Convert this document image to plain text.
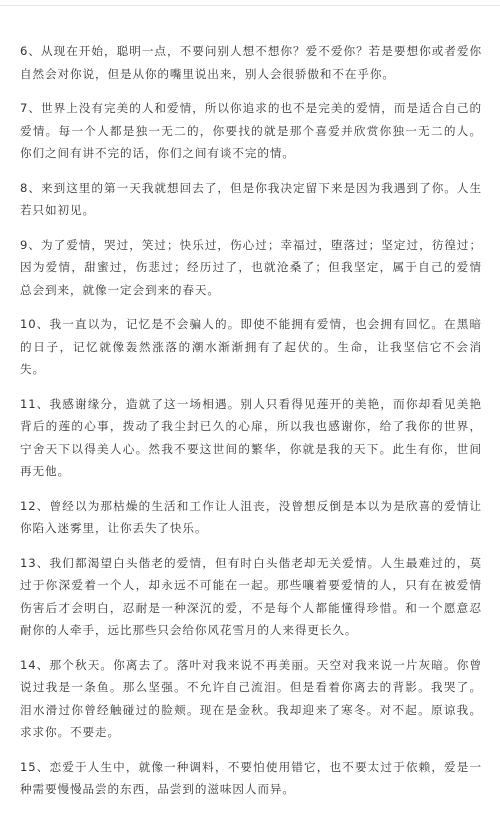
6、从现在开始，聪明一点，不要问别人想不想你？爱不爱你？若是要想你或者爱你自然会对你说，但是从你的嘴里说出来，别人会很骄傲和不在乎你。

7、世界上没有完美的人和爱情，所以你追求的也不是完美的爱情，而是适合自己的爱情。每一个人都是独一无二的，你要找的就是那个喜爱并欣赏你独一无二的人。你们之间有讲不完的话，你们之间有谈不完的情。

8、来到这里的第一天我就想回去了，但是你我决定留下来是因为我遇到了你。人生若只如初见。

9、为了爱情，哭过，笑过；快乐过，伤心过；幸福过，堕落过；坚定过，彷徨过；因为爱情，甜蜜过，伤悲过；经历过了，也就沧桑了；但我坚定，属于自己的爱情总会到来，就像一定会到来的春天。

10、我一直以为，记忆是不会骗人的。即使不能拥有爱情，也会拥有回忆。在黑暗的日子，记忆就像轰然涨落的潮水渐渐拥有了起伏的。生命，让我坚信它不会消失。

11、我感谢缘分，造就了这一场相遇。别人只看得见莲开的美艳，而你却看见美艳背后的莲的心事，拨动了我尘封已久的心扉，所以我也感谢你，给了我你的世界，宁舍天下以得美人心。然我不要这世间的繁华，你就是我的天下。此生有你，世间再无他。

12、曾经以为那枯燥的生活和工作让人沮丧，没曾想反倒是本以为是欣喜的爱情让你陷入迷雾里，让你丢失了快乐。

13、我们都渴望白头偕老的爱情，但有时白头偕老却无关爱情。人生最难过的，莫过于你深爱着一个人，却永远不可能在一起。那些嚷着要爱情的人，只有在被爱情伤害后才会明白，忍耐是一种深沉的爱，不是每个人都能懂得珍惜。和一个愿意忍耐你的人牵手，远比那些只会给你风花雪月的人来得更长久。

14、那个秋天。你离去了。落叶对我来说不再美丽。天空对我来说一片灰暗。你曾说过我是一条鱼。那么坚强。不允许自己流泪。但是看着你离去的背影。我哭了。泪水滑过你曾经触碰过的脸颊。现在是金秋。我却迎来了寒冬。对不起。原谅我。求求你。不要走。

15、恋爱于人生中，就像一种调料，不要怕使用错它，也不要太过于依赖，爱是一种需要慢慢品尝的东西，品尝到的滋味因人而异。
